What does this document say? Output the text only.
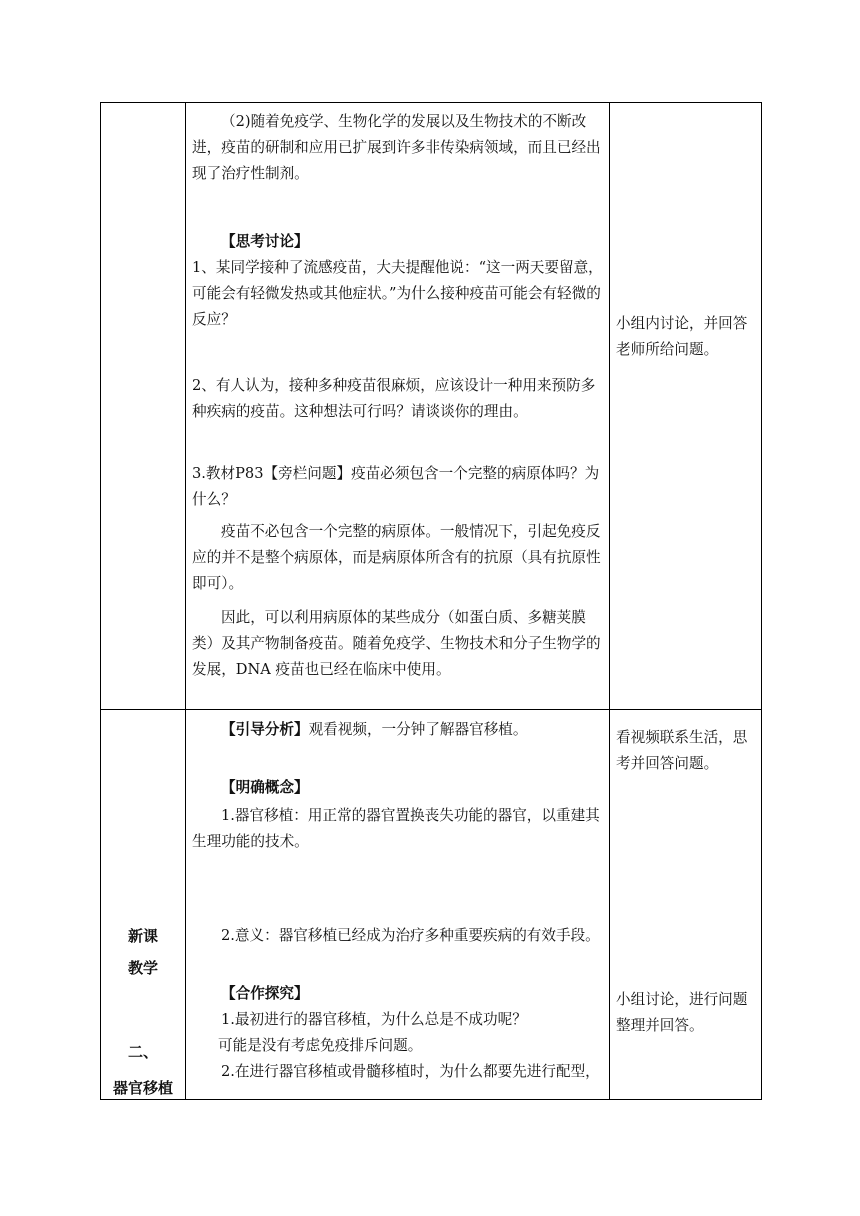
（2)随着免疫学、生物化学的发展以及生物技术的不断改进，疫苗的研制和应用已扩展到许多非传染病领域，而且已经出现了治疗性制剂。

【思考讨论】

1、某同学接种了流感疫苗，大夫提醒他说：“这一两天要留意，可能会有轻微发热或其他症状。”为什么接种疫苗可能会有轻微的反应？

2、有人认为，接种多种疫苗很麻烦，应该设计一种用来预防多种疾病的疫苗。这种想法可行吗？请谈谈你的理由。

3.教材P83【旁栏问题】疫苗必须包含一个完整的病原体吗？为什么？

疫苗不必包含一个完整的病原体。一般情况下，引起免疫反应的并不是整个病原体，而是病原体所含有的抗原（具有抗原性即可）。

因此，可以利用病原体的某些成分（如蛋白质、多糖荚膜类）及其产物制备疫苗。随着免疫学、生物技术和分子生物学的发展，DNA 疫苗也已经在临床中使用。

小组内讨论，并回答老师所给问题。

新课
教学
二、
器官移植

【引导分析】观看视频，一分钟了解器官移植。

【明确概念】

1.器官移植：用正常的器官置换丧失功能的器官，以重建其生理功能的技术。

2.意义：器官移植已经成为治疗多种重要疾病的有效手段。

【合作探究】

1.最初进行的器官移植，为什么总是不成功呢？

可能是没有考虑免疫排斥问题。

2.在进行器官移植或骨髓移植时，为什么都要先进行配型，

看视频联系生活，思考并回答问题。

小组讨论，进行问题整理并回答。
